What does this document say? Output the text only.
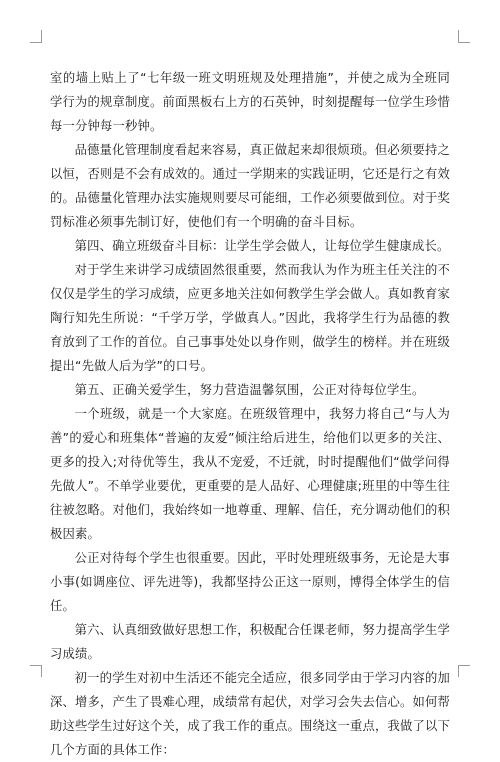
室的墙上贴上了“七年级一班文明班规及处理措施”，并使之成为全班同学行为的规章制度。前面黑板右上方的石英钟，时刻提醒每一位学生珍惜每一分钟每一秒钟。

品德量化管理制度看起来容易，真正做起来却很烦琐。但必须要持之以恒，否则是不会有成效的。通过一学期来的实践证明，它还是行之有效的。品德量化管理办法实施规则要尽可能细，工作必须要做到位。对于奖罚标准必须事先制订好，使他们有一个明确的奋斗目标。

第四、确立班级奋斗目标：让学生学会做人，让每位学生健康成长。

对于学生来讲学习成绩固然很重要，然而我认为作为班主任关注的不仅仅是学生的学习成绩，应更多地关注如何教学生学会做人。真如教育家陶行知先生所说：“千学万学，学做真人。”因此，我将学生行为品德的教育放到了工作的首位。自己事事处处以身作则，做学生的榜样。并在班级提出“先做人后为学”的口号。

第五、正确关爱学生，努力营造温馨氛围，公正对待每位学生。

一个班级，就是一个大家庭。在班级管理中，我努力将自己“与人为善”的爱心和班集体“普遍的友爱”倾注给后进生，给他们以更多的关注、更多的投入;对待优等生，我从不宠爱，不迁就，时时提醒他们“做学问得先做人”。不单学业要优，更重要的是人品好、心理健康;班里的中等生往往被忽略。对他们，我始终如一地尊重、理解、信任，充分调动他们的积极因素。

公正对待每个学生也很重要。因此，平时处理班级事务，无论是大事小事(如调座位、评先进等)，我都坚持公正这一原则，博得全体学生的信任。

第六、认真细致做好思想工作，积极配合任课老师，努力提高学生学习成绩。

初一的学生对初中生活还不能完全适应，很多同学由于学习内容的加深、增多，产生了畏难心理，成绩常有起伏，对学习会失去信心。如何帮助这些学生过好这个关，成了我工作的重点。围绕这一重点，我做了以下几个方面的具体工作：
